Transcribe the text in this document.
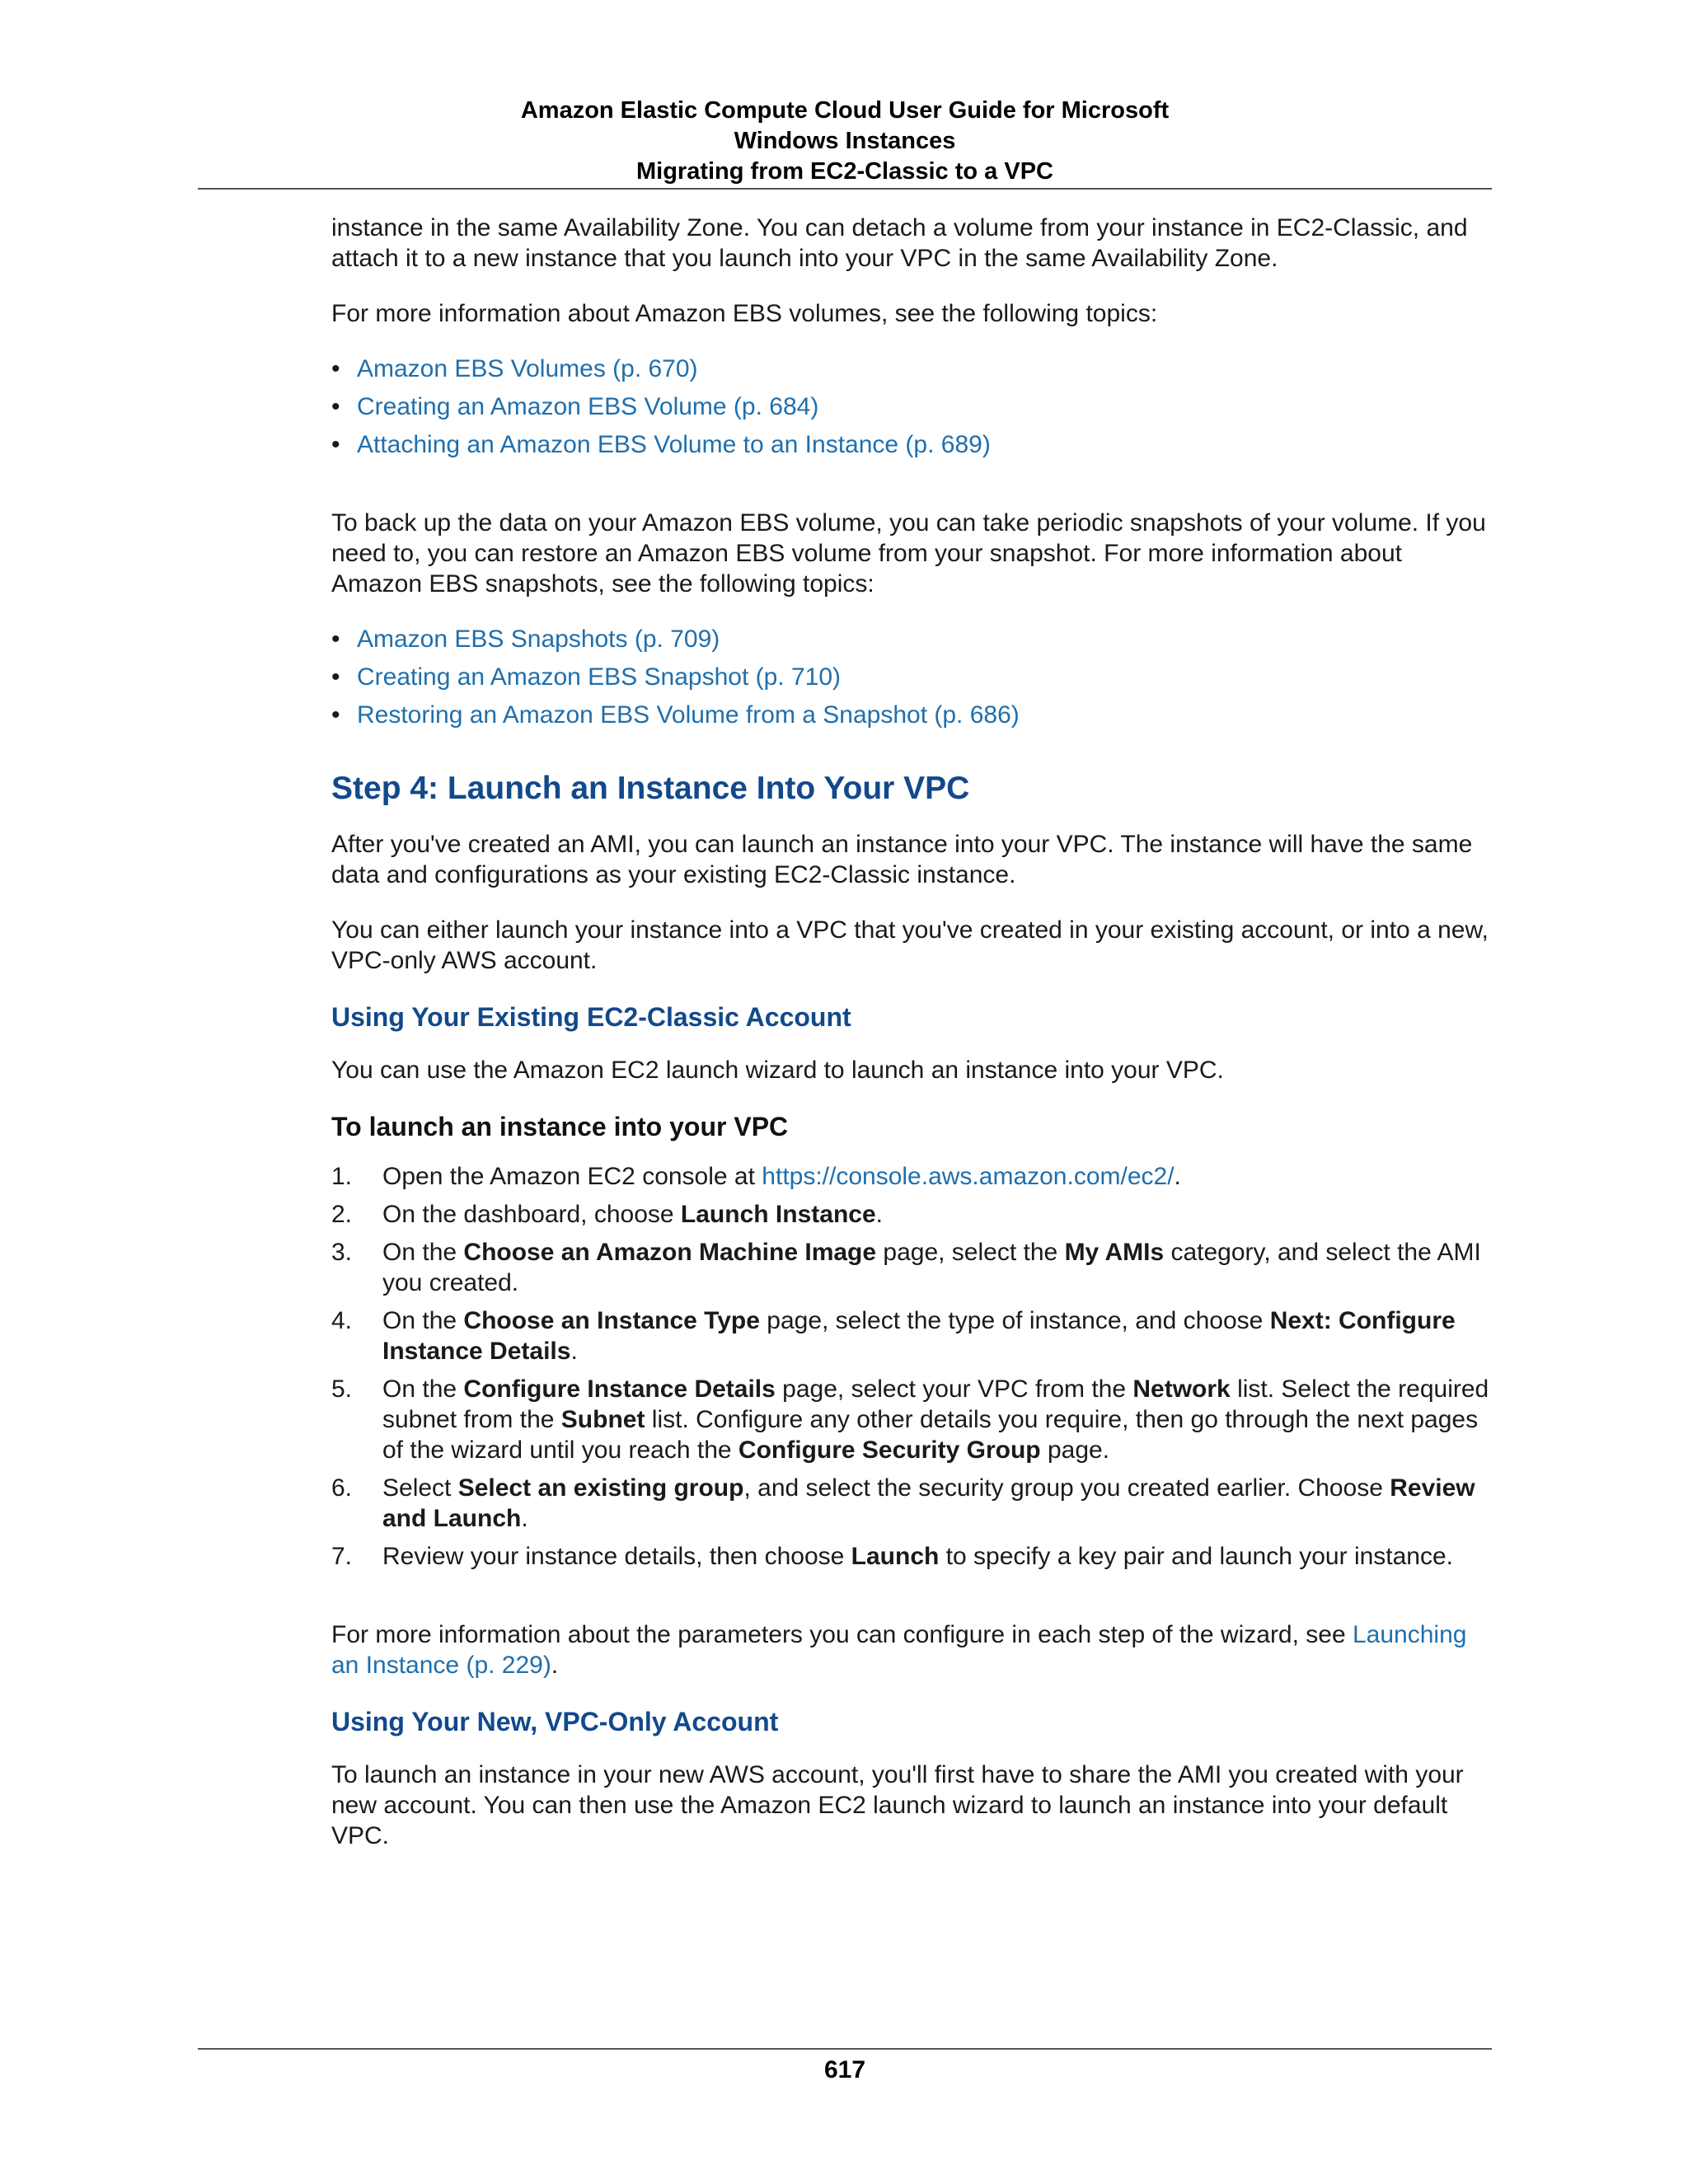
Amazon Elastic Compute Cloud User Guide for Microsoft
Windows Instances
Migrating from EC2-Classic to a VPC

instance in the same Availability Zone. You can detach a volume from your instance in EC2-Classic, and attach it to a new instance that you launch into your VPC in the same Availability Zone.

For more information about Amazon EBS volumes, see the following topics:

• Amazon EBS Volumes (p. 670)
• Creating an Amazon EBS Volume (p. 684)
• Attaching an Amazon EBS Volume to an Instance (p. 689)

To back up the data on your Amazon EBS volume, you can take periodic snapshots of your volume. If you need to, you can restore an Amazon EBS volume from your snapshot. For more information about Amazon EBS snapshots, see the following topics:

• Amazon EBS Snapshots (p. 709)
• Creating an Amazon EBS Snapshot (p. 710)
• Restoring an Amazon EBS Volume from a Snapshot (p. 686)
Step 4: Launch an Instance Into Your VPC

After you've created an AMI, you can launch an instance into your VPC. The instance will have the same data and configurations as your existing EC2-Classic instance.

You can either launch your instance into a VPC that you've created in your existing account, or into a new, VPC-only AWS account.

Using Your Existing EC2-Classic Account

You can use the Amazon EC2 launch wizard to launch an instance into your VPC.

To launch an instance into your VPC
1. Open the Amazon EC2 console at https://console.aws.amazon.com/ec2/.
2. On the dashboard, choose Launch Instance.
3. On the Choose an Amazon Machine Image page, select the My AMIs category, and select the AMI you created.
4. On the Choose an Instance Type page, select the type of instance, and choose Next: Configure Instance Details.
5. On the Configure Instance Details page, select your VPC from the Network list. Select the required subnet from the Subnet list. Configure any other details you require, then go through the next pages of the wizard until you reach the Configure Security Group page.
6. Select Select an existing group, and select the security group you created earlier. Choose Review and Launch.
7. Review your instance details, then choose Launch to specify a key pair and launch your instance.

For more information about the parameters you can configure in each step of the wizard, see Launching an Instance (p. 229).

Using Your New, VPC-Only Account

To launch an instance in your new AWS account, you'll first have to share the AMI you created with your new account. You can then use the Amazon EC2 launch wizard to launch an instance into your default VPC.

617
